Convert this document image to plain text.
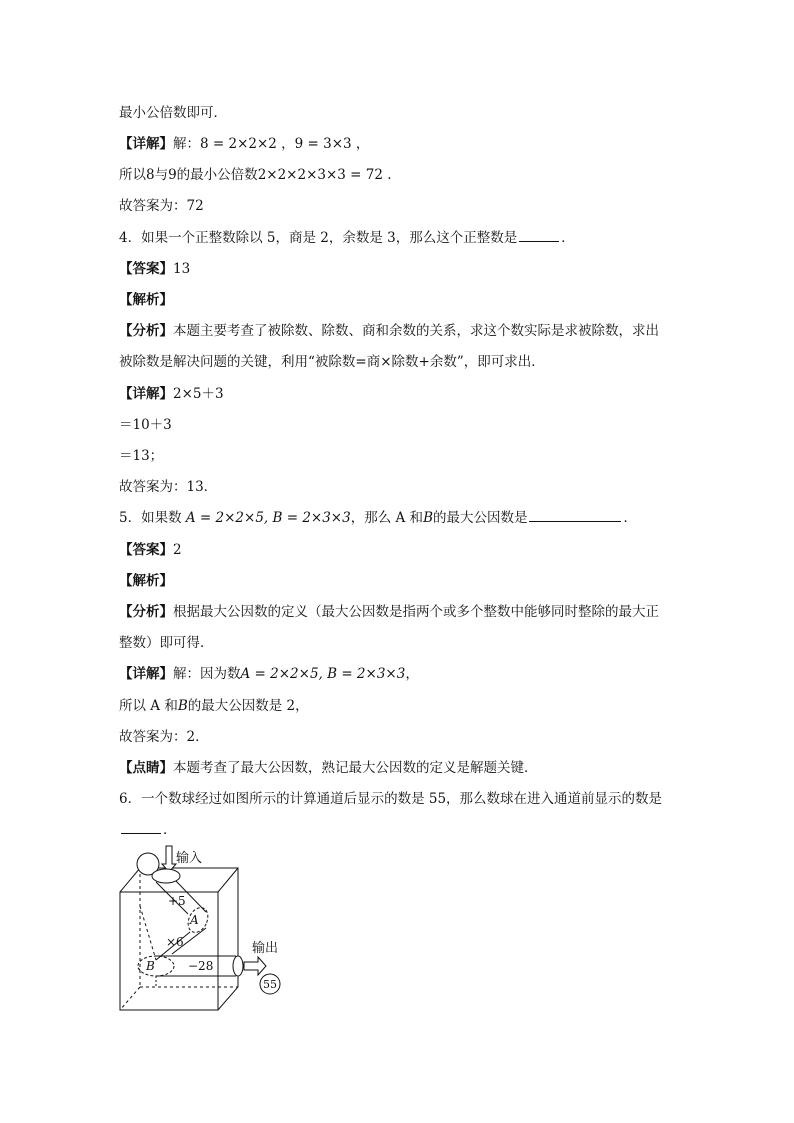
最小公倍数即可．
【详解】解：8 = 2×2×2 ，9 = 3×3 ，
所以8与9的最小公倍数2×2×2×3×3 = 72 .
故答案为：72
4．如果一个正整数除以 5，商是 2，余数是 3，那么这个正整数是	．
【答案】13
【解析】
【分析】本题主要考查了被除数、除数、商和余数的关系，求这个数实际是求被除数，求出
被除数是解决问题的关键，利用“被除数=商×除数+余数”，即可求出．
【详解】2×5＋3
＝10＋3
＝13；
故答案为：13．
5．如果数 A = 2×2×5, B = 2×3×3，那么 A 和B的最大公因数是	．
【答案】2
【解析】
【分析】根据最大公因数的定义（最大公因数是指两个或多个整数中能够同时整除的最大正
整数）即可得．
【详解】解：因为数A = 2×2×5, B = 2×3×3，
所以 A 和B的最大公因数是 2，
故答案为：2．
【点睛】本题考查了最大公因数，熟记最大公因数的定义是解题关键．
6．一个数球经过如图所示的计算通道后显示的数是 55，那么数球在进入通道前显示的数是
．
输入
+5
A
×6
B	−28
输出
55
